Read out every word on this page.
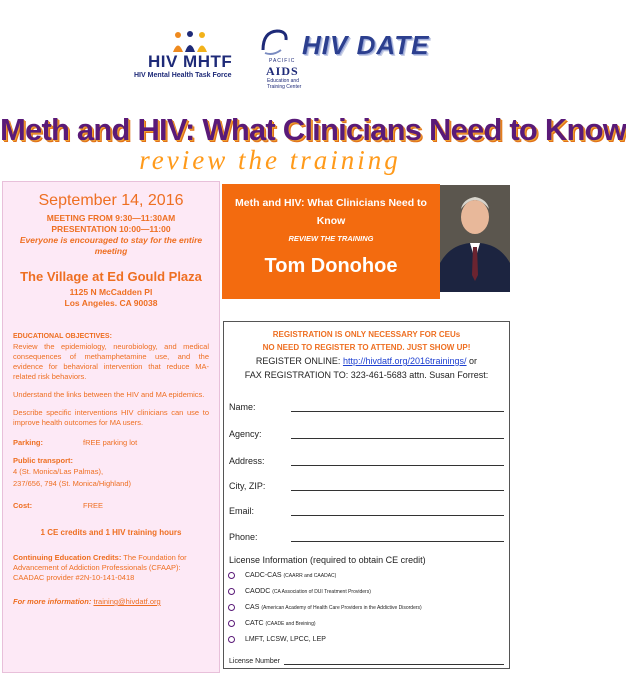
HIV MHTF
HIV Mental Health Task Force
PACIFIC
AIDS
Education and Training Center
HIV DATE
Meth and HIV: What Clinicians Need to Know
review the training
September 14, 2016
MEETING FROM 9:30—11:30AM
PRESENTATION 10:00—11:00
Everyone is encouraged to stay for the entire meeting
The Village at Ed Gould Plaza
1125 N McCadden Pl
Los Angeles. CA 90038
EDUCATIONAL OBJECTIVES:
Review the epidemiology, neurobiology, and medical consequences of methamphetamine use, and the evidence for behavioral intervention that reduce MA-related risk behaviors.
Understand the links between the HIV and MA epidemics.
Describe specific interventions HIV clinicians can use to improve health outcomes for MA users.
Parking:	fREE parking lot
Public transport:
4 (St. Monica/Las Palmas),
237/656, 794 (St. Monica/Highland)
Cost:	FREE
1 CE credits and 1 HIV training hours
Continuing Education Credits: The Foundation for Advancement of Addiction Professionals (CFAAP): CAADAC provider #2N-10-141-0418
For more information: training@hivdatf.org
Meth and HIV: What Clinicians Need to Know
REVIEW THE TRAINING
Tom Donohoe
REGISTRATION IS ONLY NECESSARY FOR CEUs
NO NEED TO REGISTER TO ATTEND. JUST SHOW UP!
REGISTER ONLINE: http://hivdatf.org/2016trainings/ or
FAX REGISTRATION TO: 323-461-5683 attn. Susan Forrest:
Name:
Agency:
Address:
City, ZIP:
Email:
Phone:
License Information (required to obtain CE credit)
CADC-CAS
(CAARR and CAADAC)
CAODC
(CA Association of DUI Treatment Providers)
CAS
(American Academy of Health Care Providers in the Addictive Disorders)
CATC
(CAADE and Breining)
LMFT, LCSW, LPCC, LEP
License Number
